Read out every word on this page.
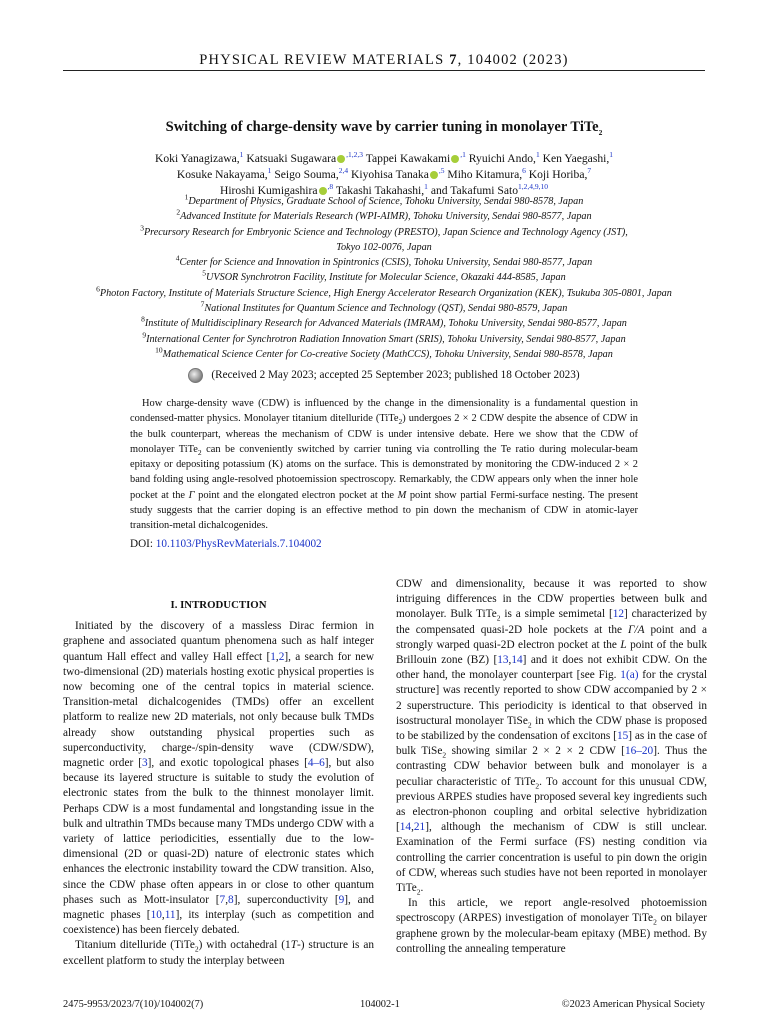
PHYSICAL REVIEW MATERIALS 7, 104002 (2023)
Switching of charge-density wave by carrier tuning in monolayer TiTe$_2$
Koki Yanagizawa,$^1$ Katsuaki Sugawara $^{,1,2,3}$ Tappei Kawakami $^{,1}$ Ryuichi Ando,$^1$ Ken Yaegashi,$^1$
Kosuke Nakayama,$^1$ Seigo Souma,$^{2,4}$ Kiyohisa Tanaka $^{,5}$ Miho Kitamura,$^6$ Koji Horiba,$^7$
Hiroshi Kumigashira $^{,8}$ Takashi Takahashi,$^1$ and Takafumi Sato$^{1,2,4,9,10}$
$^1$Department of Physics, Graduate School of Science, Tohoku University, Sendai 980-8578, Japan
$^2$Advanced Institute for Materials Research (WPI-AIMR), Tohoku University, Sendai 980-8577, Japan
$^3$Precursory Research for Embryonic Science and Technology (PRESTO), Japan Science and Technology Agency (JST),
Tokyo 102-0076, Japan
$^4$Center for Science and Innovation in Spintronics (CSIS), Tohoku University, Sendai 980-8577, Japan
$^5$UVSOR Synchrotron Facility, Institute for Molecular Science, Okazaki 444-8585, Japan
$^6$Photon Factory, Institute of Materials Structure Science, High Energy Accelerator Research Organization (KEK), Tsukuba 305-0801, Japan
$^7$National Institutes for Quantum Science and Technology (QST), Sendai 980-8579, Japan
$^8$Institute of Multidisciplinary Research for Advanced Materials (IMRAM), Tohoku University, Sendai 980-8577, Japan
$^9$International Center for Synchrotron Radiation Innovation Smart (SRIS), Tohoku University, Sendai 980-8577, Japan
$^{10}$Mathematical Science Center for Co-creative Society (MathCCS), Tohoku University, Sendai 980-8578, Japan
(Received 2 May 2023; accepted 25 September 2023; published 18 October 2023)
How charge-density wave (CDW) is influenced by the change in the dimensionality is a fundamental question in condensed-matter physics. Monolayer titanium ditelluride (TiTe$_2$) undergoes 2 × 2 CDW despite the absence of CDW in the bulk counterpart, whereas the mechanism of CDW is under intensive debate. Here we show that the CDW of monolayer TiTe$_2$ can be conveniently switched by carrier tuning via controlling the Te ratio during molecular-beam epitaxy or depositing potassium (K) atoms on the surface. This is demonstrated by monitoring the CDW-induced 2 × 2 band folding using angle-resolved photoemission spectroscopy. Remarkably, the CDW appears only when the inner hole pocket at the Γ point and the elongated electron pocket at the M point show partial Fermi-surface nesting. The present study suggests that the carrier doping is an effective method to pin down the mechanism of CDW in atomic-layer transition-metal dichalcogenides.
DOI: 10.1103/PhysRevMaterials.7.104002
I. INTRODUCTION

Initiated by the discovery of a massless Dirac fermion in graphene and associated quantum phenomena such as half integer quantum Hall effect and valley Hall effect [1,2], a search for new two-dimensional (2D) materials hosting exotic physical properties is now becoming one of the central topics in material science. Transition-metal dichalcogenides (TMDs) offer an excellent platform to realize new 2D materials, not only because bulk TMDs already show outstanding physical properties such as superconductivity, charge-/spin-density wave (CDW/SDW), magnetic order [3], and exotic topological phases [4–6], but also because its layered structure is suitable to study the evolution of electronic states from the bulk to the thinnest monolayer limit. Perhaps CDW is a most fundamental and longstanding issue in the bulk and ultrathin TMDs because many TMDs undergo CDW with a variety of lattice periodicities, essentially due to the low-dimensional (2D or quasi-2D) nature of electronic states which enhances the electronic instability toward the CDW transition. Also, since the CDW phase often appears in or close to other quantum phases such as Mott-insulator [7,8], superconductivity [9], and magnetic phases [10,11], its interplay (such as competition and coexistence) has been fiercely debated.

Titanium ditelluride (TiTe$_2$) with octahedral (1T-) structure is an excellent platform to study the interplay between

CDW and dimensionality, because it was reported to show intriguing differences in the CDW properties between bulk and monolayer. Bulk TiTe$_2$ is a simple semimetal [12] characterized by the compensated quasi-2D hole pockets at the Γ/A point and a strongly warped quasi-2D electron pocket at the L point of the bulk Brillouin zone (BZ) [13,14] and it does not exhibit CDW. On the other hand, the monolayer counterpart [see Fig. 1(a) for the crystal structure] was recently reported to show CDW accompanied by 2 × 2 superstructure. This periodicity is identical to that observed in isostructural monolayer TiSe$_2$ in which the CDW phase is proposed to be stabilized by the condensation of excitons [15] as in the case of bulk TiSe$_2$ showing similar 2 × 2 × 2 CDW [16–20]. Thus the contrasting CDW behavior between bulk and monolayer is a peculiar characteristic of TiTe$_2$. To account for this unusual CDW, previous ARPES studies have proposed several key ingredients such as electron-phonon coupling and orbital selective hybridization [14,21], although the mechanism of CDW is still unclear. Examination of the Fermi surface (FS) nesting condition via controlling the carrier concentration is useful to pin down the origin of CDW, whereas such studies have not been reported in monolayer TiTe$_2$.

In this article, we report angle-resolved photoemission spectroscopy (ARPES) investigation of monolayer TiTe$_2$ on bilayer graphene grown by the molecular-beam epitaxy (MBE) method. By controlling the annealing temperature

2475-9953/2023/7(10)/104002(7)	104002-1	©2023 American Physical Society
